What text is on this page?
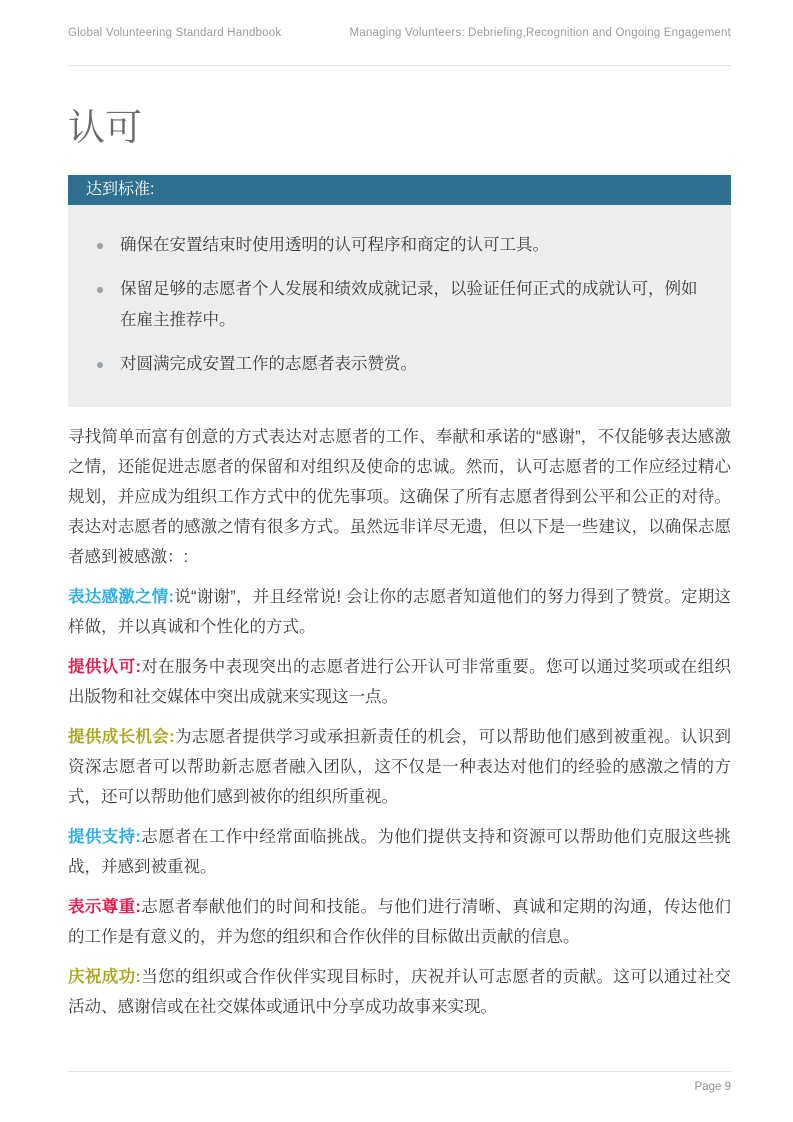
Global Volunteering Standard Handbook	Managing Volunteers: Debriefing,Recognition and Ongoing Engagement
认可
达到标准:
确保在安置结束时使用透明的认可程序和商定的认可工具。
保留足够的志愿者个人发展和绩效成就记录，以验证任何正式的成就认可，例如在雇主推荐中。
对圆满完成安置工作的志愿者表示赞赏。

寻找简单而富有创意的方式表达对志愿者的工作、奉献和承诺的“感谢”，不仅能够表达感激之情，还能促进志愿者的保留和对组织及使命的忠诚。然而，认可志愿者的工作应经过精心规划，并应成为组织工作方式中的优先事项。这确保了所有志愿者得到公平和公正的对待。表达对志愿者的感激之情有很多方式。虽然远非详尽无遗，但以下是一些建议，以确保志愿者感到被感激：:

表达感激之情:说“谢谢”，并且经常说! 会让你的志愿者知道他们的努力得到了赞赏。定期这样做，并以真诚和个性化的方式。

提供认可:对在服务中表现突出的志愿者进行公开认可非常重要。您可以通过奖项或在组织出版物和社交媒体中突出成就来实现这一点。

提供成长机会:为志愿者提供学习或承担新责任的机会，可以帮助他们感到被重视。认识到资深志愿者可以帮助新志愿者融入团队，这不仅是一种表达对他们的经验的感激之情的方式，还可以帮助他们感到被你的组织所重视。

提供支持:志愿者在工作中经常面临挑战。为他们提供支持和资源可以帮助他们克服这些挑战，并感到被重视。

表示尊重:志愿者奉献他们的时间和技能。与他们进行清晰、真诚和定期的沟通，传达他们的工作是有意义的，并为您的组织和合作伙伴的目标做出贡献的信息。

庆祝成功:当您的组织或合作伙伴实现目标时，庆祝并认可志愿者的贡献。这可以通过社交活动、感谢信或在社交媒体或通讯中分享成功故事来实现。

Page 9
